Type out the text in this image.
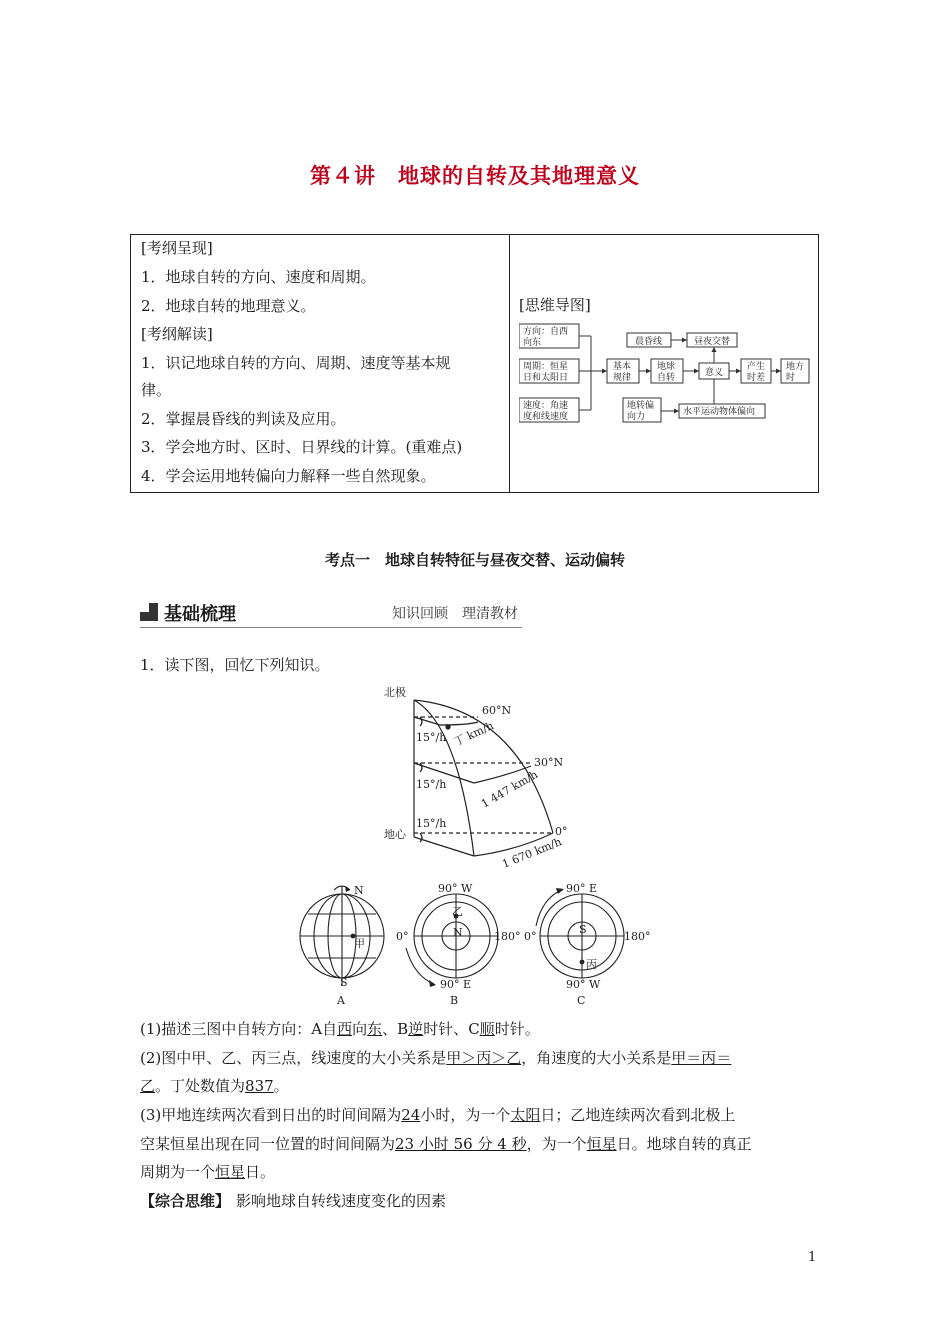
第４讲　地球的自转及其地理意义
[考纲呈现]
1．地球自转的方向、速度和周期。
2．地球自转的地理意义。
[考纲解读]
1．识记地球自转的方向、周期、速度等基本规
律。
2．掌握晨昏线的判读及应用。
3．学会地方时、区时、日界线的计算。(重难点)
4．学会运用地转偏向力解释一些自然现象。
[思维导图]
方向：自西
向东
周期：恒星
日和太阳日
速度：角速
度和线速度
基本
规律
地球
自转
晨昏线	昼夜交替
意义
产生
时差
地方
时
地转偏
向力	水平运动物体偏向
考点一　地球自转特征与昼夜交替、运动偏转
基础梳理	知识回顾　理清教材
1．读下图，回忆下列知识。
北极
地心
60°N
30°N
0°
15°/h
15°/h
15°/h
丁 km/h
1 447 km/h
1 670 km/h
N
S
甲
A
90° W
0°	180°
90° E
N
乙
B
90° E
0°	180°
90° W
S
丙
C
(1)描述三图中自转方向：A自西向东、B逆时针、C顺时针。
(2)图中甲、乙、丙三点，线速度的大小关系是甲＞丙＞乙，角速度的大小关系是甲＝丙＝
乙。丁处数值为837。
(3)甲地连续两次看到日出的时间间隔为24小时，为一个太阳日；乙地连续两次看到北极上
空某恒星出现在同一位置的时间间隔为23 小时 56 分 4 秒，为一个恒星日。地球自转的真正
周期为一个恒星日。
【综合思维】 影响地球自转线速度变化的因素
1
